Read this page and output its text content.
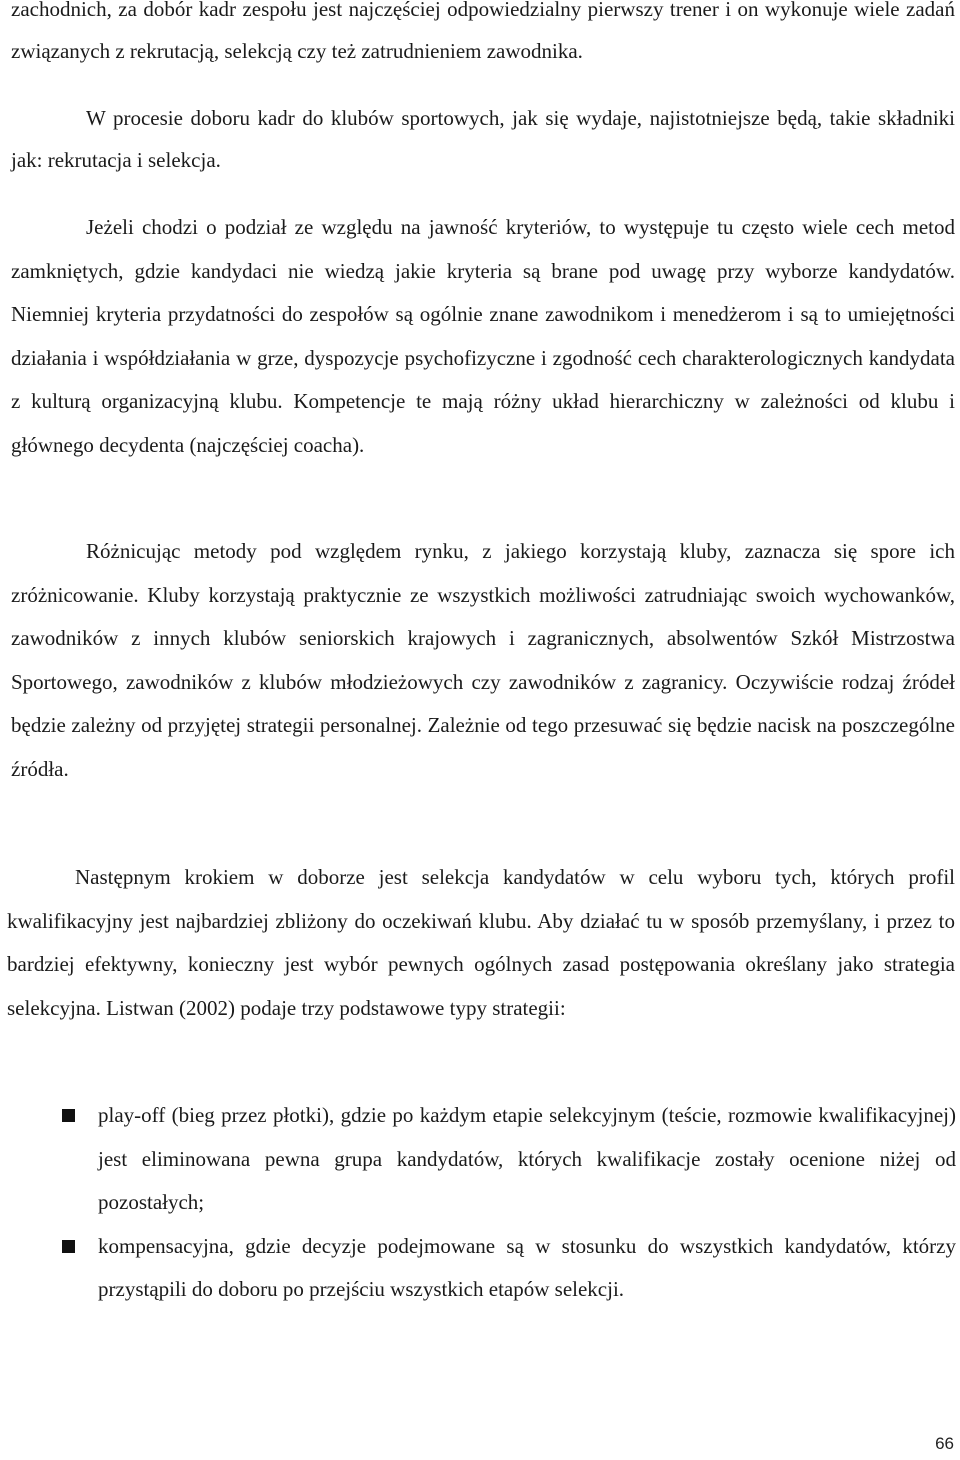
zachodnich, za dobór kadr zespołu jest najczęściej odpowiedzialny pierwszy trener i on wykonuje wiele zadań związanych z rekrutacją, selekcją czy też zatrudnieniem zawodnika.

W procesie doboru kadr do klubów sportowych, jak się wydaje, najistotniejsze będą, takie składniki jak: rekrutacja i selekcja.

Jeżeli chodzi o podział ze względu na jawność kryteriów, to występuje tu często wiele cech metod zamkniętych, gdzie kandydaci nie wiedzą jakie kryteria są brane pod uwagę przy wyborze kandydatów. Niemniej kryteria przydatności do zespołów są ogólnie znane zawodnikom i menedżerom i są to umiejętności działania i współdziałania w grze, dyspozycje psychofizyczne i zgodność cech charakterologicznych kandydata z kulturą organizacyjną klubu. Kompetencje te mają różny układ hierarchiczny w zależności od klubu i głównego decydenta (najczęściej coacha).

Różnicując metody pod względem rynku, z jakiego korzystają kluby, zaznacza się spore ich zróżnicowanie. Kluby korzystają praktycznie ze wszystkich możliwości zatrudniając swoich wychowanków, zawodników z innych klubów seniorskich krajowych i zagranicznych, absolwentów Szkół Mistrzostwa Sportowego, zawodników z klubów młodzieżowych czy zawodników z zagranicy. Oczywiście rodzaj źródeł będzie zależny od przyjętej strategii personalnej. Zależnie od tego przesuwać się będzie nacisk na poszczególne źródła.

Następnym krokiem w doborze jest selekcja kandydatów w celu wyboru tych, których profil kwalifikacyjny jest najbardziej zbliżony do oczekiwań klubu. Aby działać tu w sposób przemyślany, i przez to bardziej efektywny, konieczny jest wybór pewnych ogólnych zasad postępowania określany jako strategia selekcyjna. Listwan (2002) podaje trzy podstawowe typy strategii:

play-off (bieg przez płotki), gdzie po każdym etapie selekcyjnym (teście, rozmowie kwalifikacyjnej) jest eliminowana pewna grupa kandydatów, których kwalifikacje zostały ocenione niżej od pozostałych;
kompensacyjna, gdzie decyzje podejmowane są w stosunku do wszystkich kandydatów, którzy przystąpili do doboru po przejściu wszystkich etapów selekcji.
66
